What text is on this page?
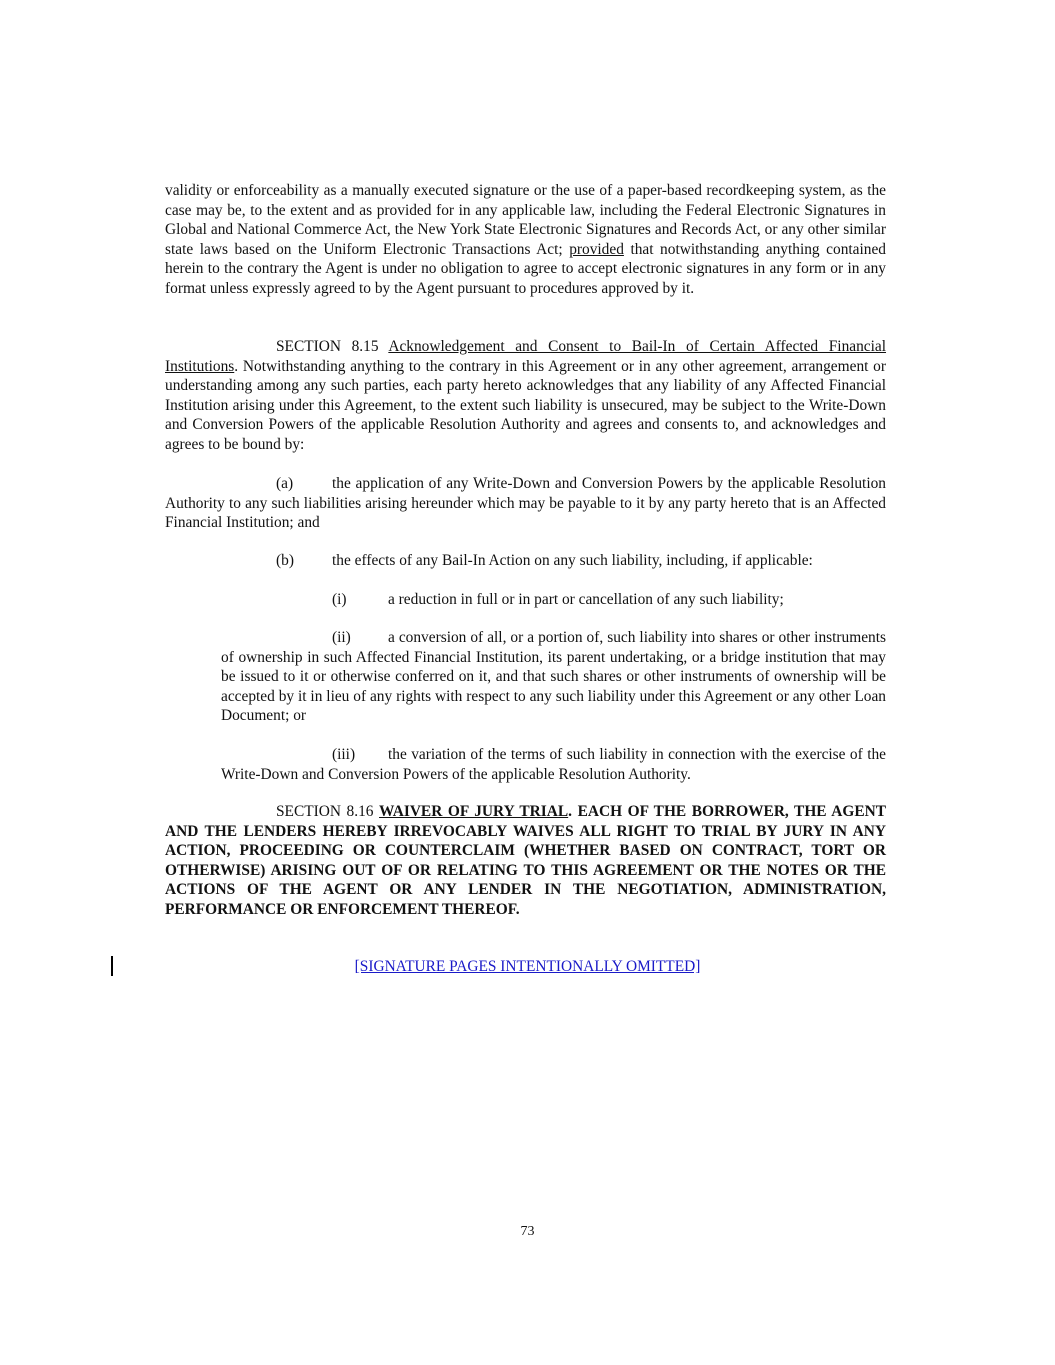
validity or enforceability as a manually executed signature or the use of a paper-based recordkeeping system, as the case may be, to the extent and as provided for in any applicable law, including the Federal Electronic Signatures in Global and National Commerce Act, the New York State Electronic Signatures and Records Act, or any other similar state laws based on the Uniform Electronic Transactions Act; provided that notwithstanding anything contained herein to the contrary the Agent is under no obligation to agree to accept electronic signatures in any form or in any format unless expressly agreed to by the Agent pursuant to procedures approved by it.

SECTION 8.15 Acknowledgement and Consent to Bail-In of Certain Affected Financial Institutions. Notwithstanding anything to the contrary in this Agreement or in any other agreement, arrangement or understanding among any such parties, each party hereto acknowledges that any liability of any Affected Financial Institution arising under this Agreement, to the extent such liability is unsecured, may be subject to the Write-Down and Conversion Powers of the applicable Resolution Authority and agrees and consents to, and acknowledges and agrees to be bound by:

(a)	the application of any Write-Down and Conversion Powers by the applicable Resolution Authority to any such liabilities arising hereunder which may be payable to it by any party hereto that is an Affected Financial Institution; and

(b) the effects of any Bail-In Action on any such liability, including, if applicable:

(i)	a reduction in full or in part or cancellation of any such liability;

(ii) a conversion of all, or a portion of, such liability into shares or other instruments of ownership in such Affected Financial Institution, its parent undertaking, or a bridge institution that may be issued to it or otherwise conferred on it, and that such shares or other instruments of ownership will be accepted by it in lieu of any rights with respect to any such liability under this Agreement or any other Loan Document; or

(iii) the variation of the terms of such liability in connection with the exercise of the Write-Down and Conversion Powers of the applicable Resolution Authority.

SECTION 8.16 WAIVER OF JURY TRIAL. EACH OF THE BORROWER, THE AGENT AND THE LENDERS HEREBY IRREVOCABLY WAIVES ALL RIGHT TO TRIAL BY JURY IN ANY ACTION, PROCEEDING OR COUNTERCLAIM (WHETHER BASED ON CONTRACT, TORT OR OTHERWISE) ARISING OUT OF OR RELATING TO THIS AGREEMENT OR THE NOTES OR THE ACTIONS OF THE AGENT OR ANY LENDER IN THE NEGOTIATION, ADMINISTRATION, PERFORMANCE OR ENFORCEMENT THEREOF.

[SIGNATURE PAGES INTENTIONALLY OMITTED]
73
